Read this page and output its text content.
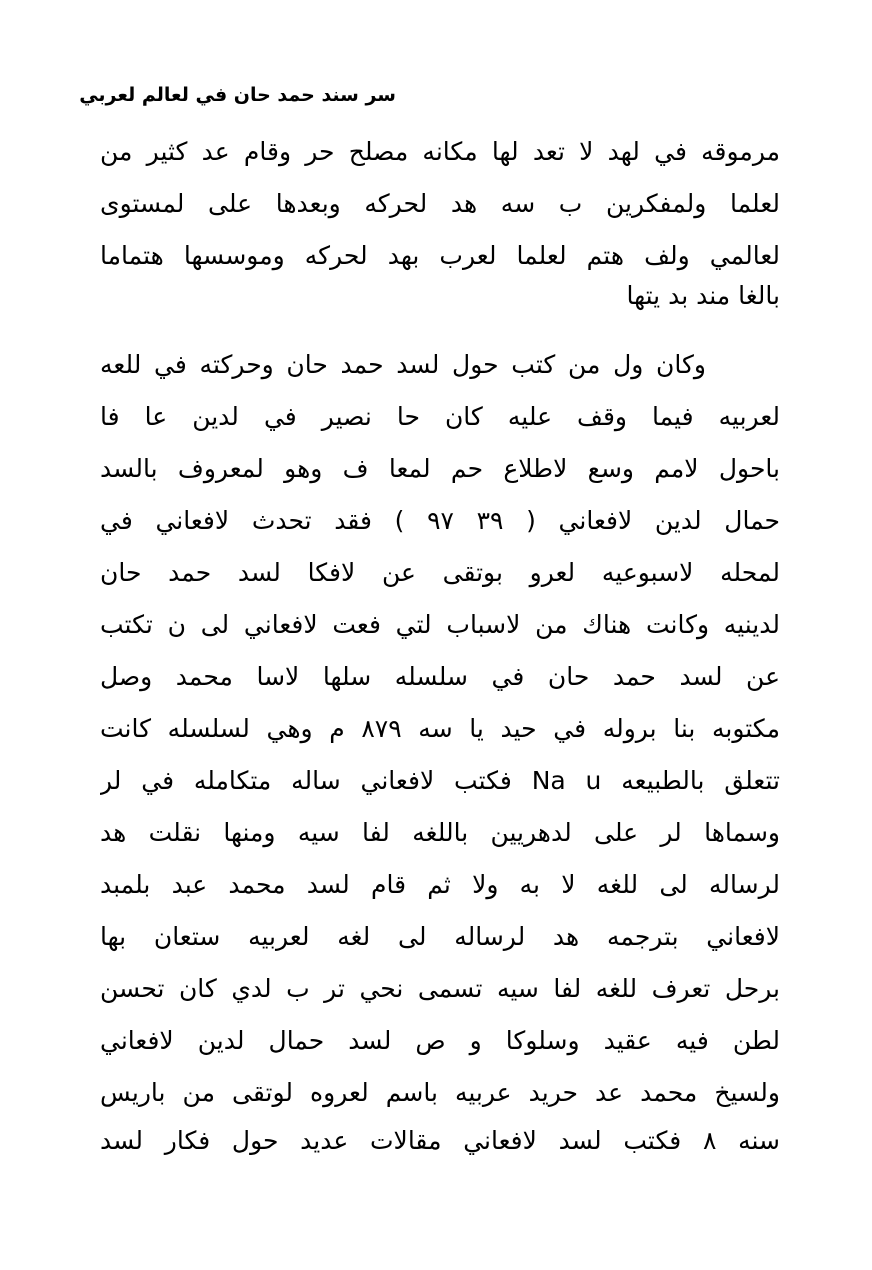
سر سند حمد حان في لعالم لعربي
مرموقه في لهد لا تعد لها مكانه مصلح حر وقام عد كثير من
لعلما ولمفكرين ب سه هد لحركه وبعدها على لمستوى
لعالمي ولف هتم لعلما لعرب بهد لحركه وموسسها هتماما
بالغا مند بد يتها
وكان ول من كتب حول لسد حمد حان وحركته في للعه
لعربيه فيما وقف عليه كان حا نصير في لدين عا فا
باحول لامم وسع لاطلاع حم لمعا ف وهو لمعروف بالسد
حمال لدين لافعاني ( ٣٩ ٩٧ ) فقد تحدث لافعاني في
لمحله لاسبوعيه لعرو بوتقى عن لافكا لسد حمد حان
لدينيه وكانت هناك من لاسباب لتي فعت لافعاني لى ن تكتب
عن لسد حمد حان في سلسله سلها لاسا محمد وصل
مكتوبه بنا بروله في حيد يا سه ٨٧٩ م وهي لسلسله كانت
تتعلق بالطبيعه Na u فكتب لافعاني ساله متكامله في لر
وسماها لر على لدهريين باللغه لفا سيه ومنها نقلت هد
لرساله لى للغه لا به ولا ثم قام لسد محمد عبد بلمبد
لافعاني بترجمه هد لرساله لى لغه لعربيه ستعان بها
برحل تعرف للغه لفا سيه تسمى نحي تر ب لدي كان تحسن
لطن فيه عقيد وسلوكا و ص لسد حمال لدين لافعاني
ولسيخ محمد عد حريد عربيه باسم لعروه لوتقى من باريس
سنه ٨ فكتب لسد لافعاني مقالات عديد حول فكار لسد
